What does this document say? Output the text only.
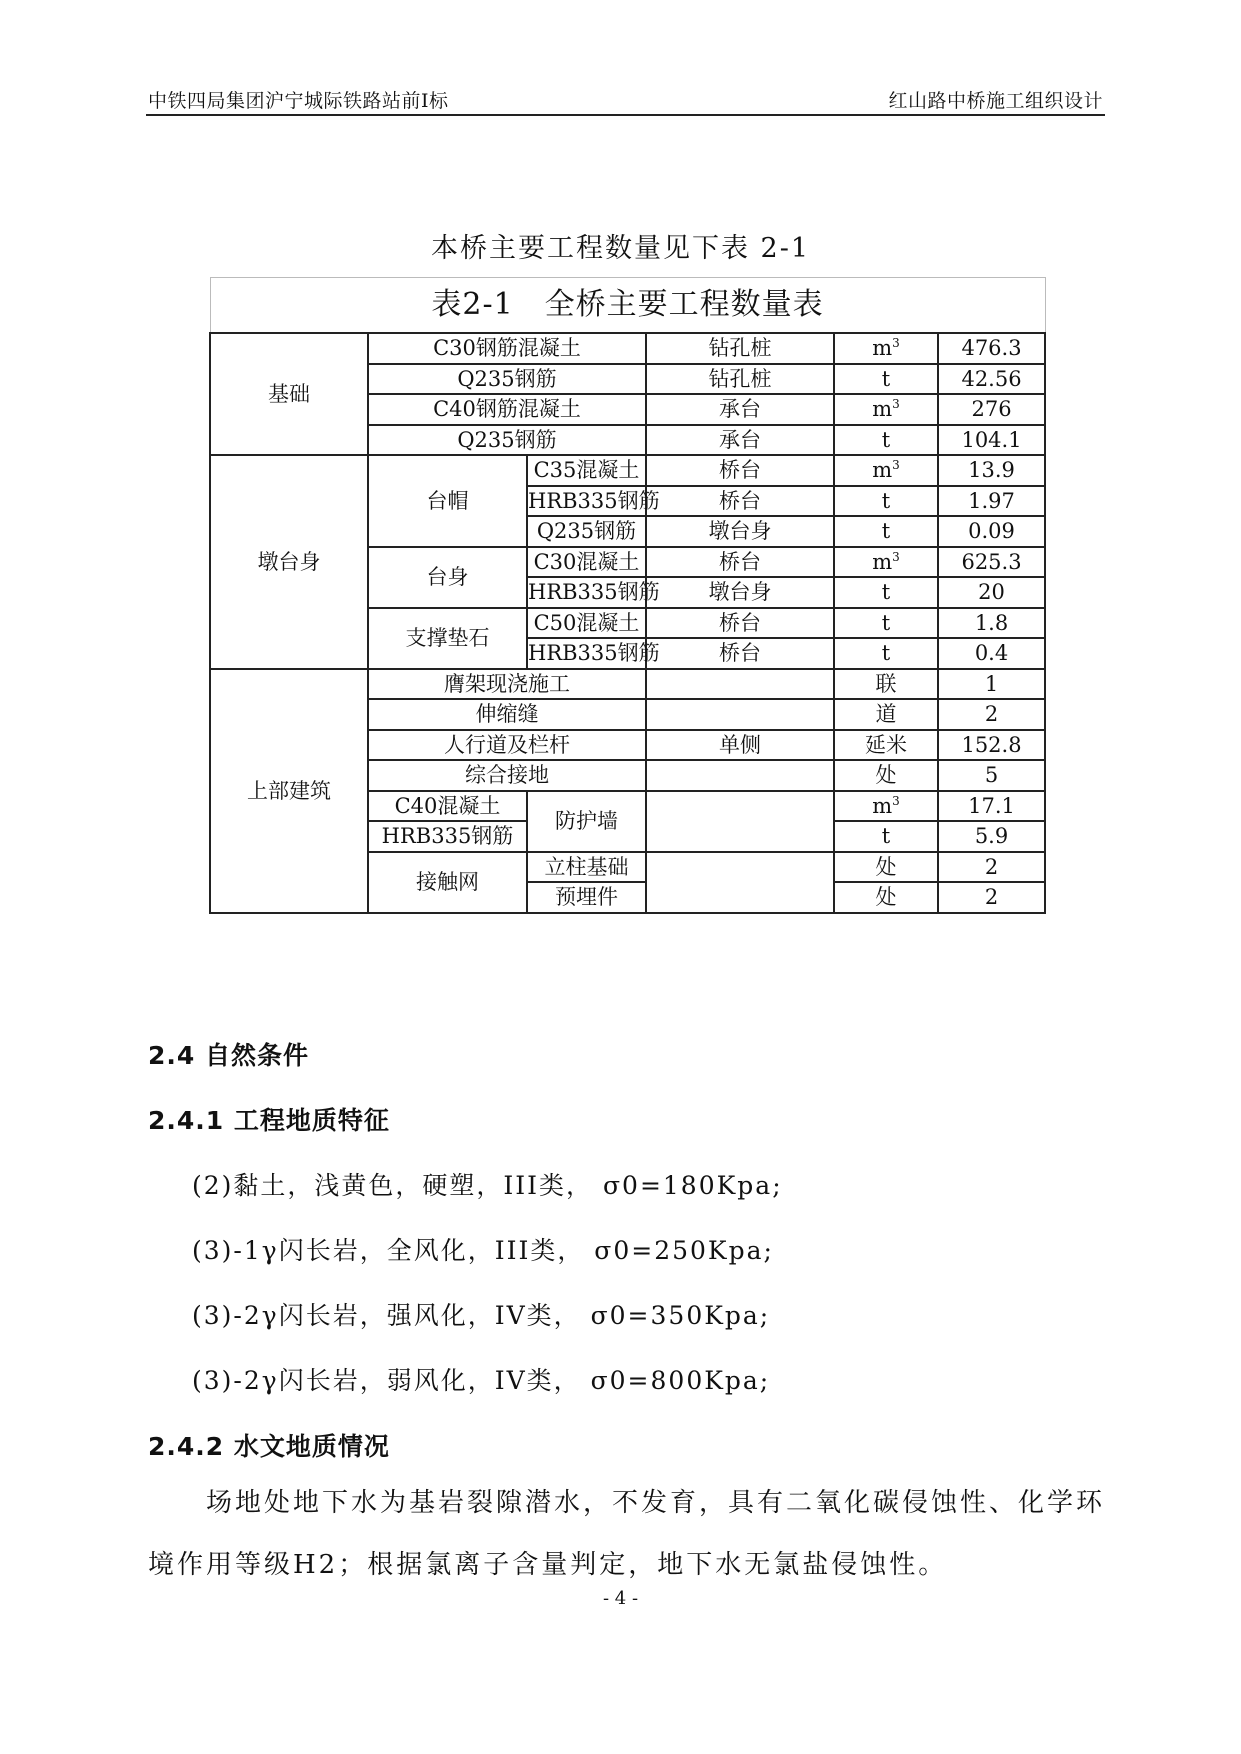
中铁四局集团沪宁城际铁路站前Ⅰ标	红山路中桥施工组织设计
本桥主要工程数量见下表 2-1
表2-1　全桥主要工程数量表					
基础	C30钢筋混凝土		钻孔桩	$m^3$	476.3
	Q235钢筋		钻孔桩	t	42.56
	C40钢筋混凝土		承台	$m^3$	276
	Q235钢筋		承台	t	104.1
墩台身	台帽	C35混凝土	桥台	$m^3$	13.9
		HRB335钢筋	桥台	t	1.97
		Q235钢筋	墩台身	t	0.09
	台身	C30混凝土	桥台	$m^3$	625.3
		HRB335钢筋	墩台身	t	20
	支撑垫石	C50混凝土	桥台	t	1.8
		HRB335钢筋	桥台	t	0.4
上部建筑	膺架现浇施工			联	1
	伸缩缝			道	2
	人行道及栏杆		单侧	延米	152.8
	综合接地			处	5
	C40混凝土	防护墙		$m^3$	17.1
	HRB335钢筋			t	5.9
	接触网	立柱基础		处	2
		预埋件		处	2
2.4 自然条件
2.4.1 工程地质特征

(2)黏土，浅黄色，硬塑，III类， σ0=180Kpa;

(3)-1γ闪长岩，全风化，III类， σ0=250Kpa;

(3)-2γ闪长岩，强风化，IV类， σ0=350Kpa;

(3)-2γ闪长岩，弱风化，IV类， σ0=800Kpa;

2.4.2 水文地质情况

场地处地下水为基岩裂隙潜水，不发育，具有二氧化碳侵蚀性、化学环境作用等级H2；根据氯离子含量判定，地下水无氯盐侵蚀性。

- 4 -
